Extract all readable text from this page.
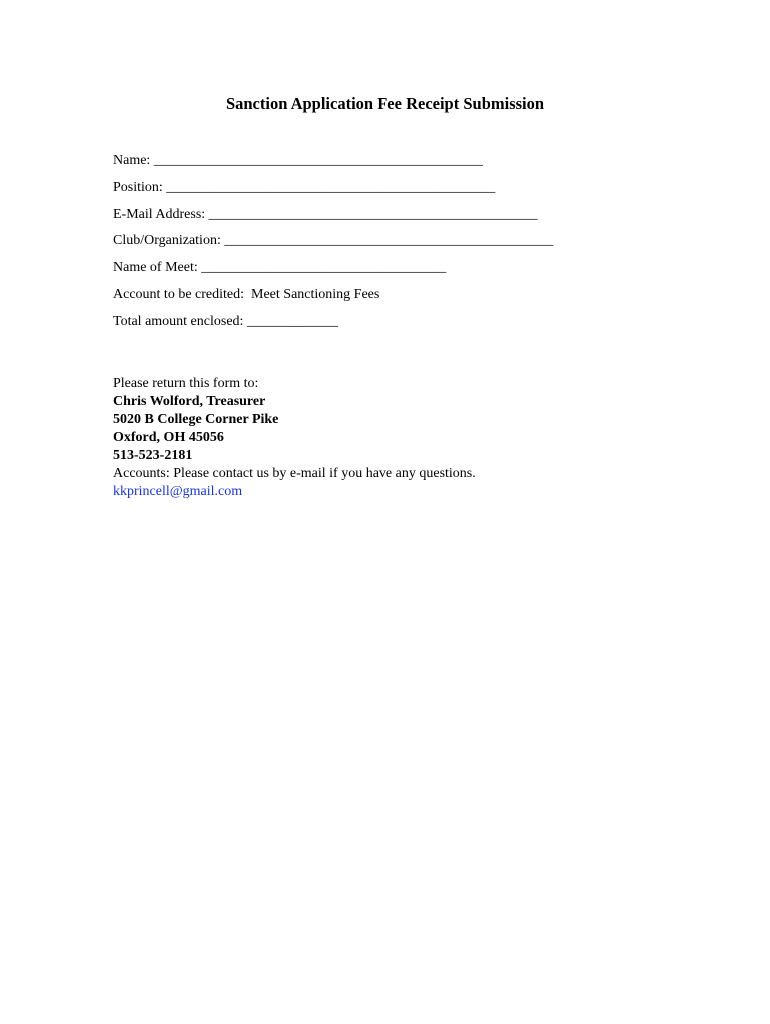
Sanction Application Fee Receipt Submission
Name: _______________________________________________
Position: _______________________________________________
E-Mail Address: _______________________________________________
Club/Organization: _______________________________________________
Name of Meet: ___________________________________
Account to be credited: Meet Sanctioning Fees
Total amount enclosed: _____________
Please return this form to:
Chris Wolford, Treasurer
5020 B College Corner Pike
Oxford, OH 45056
513-523-2181
Accounts: Please contact us by e-mail if you have any questions.
kkprincell@gmail.com
